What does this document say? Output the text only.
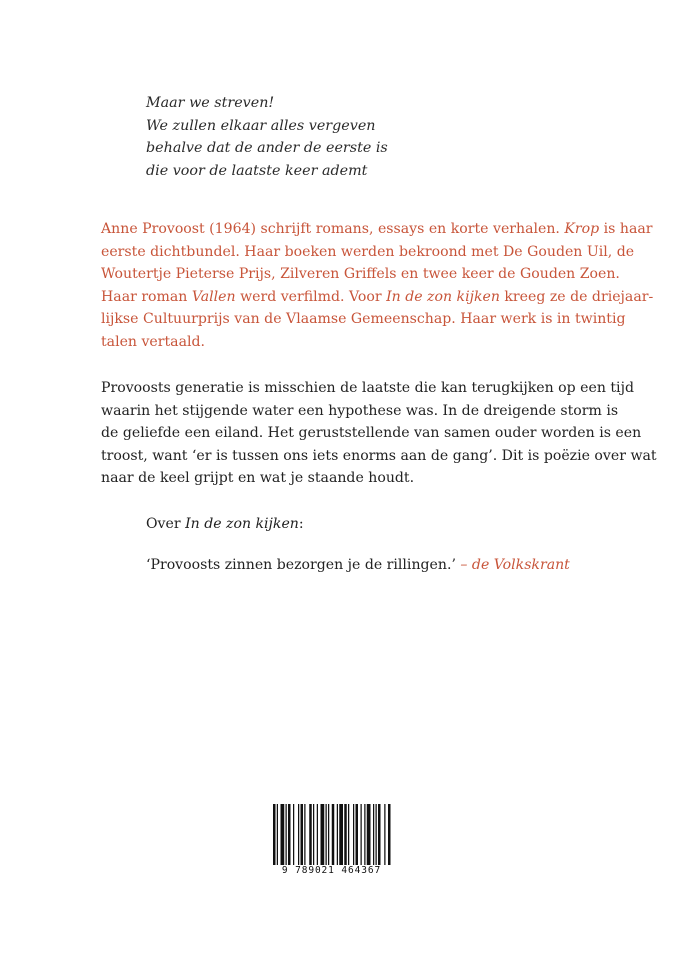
Maar we streven!
We zullen elkaar alles vergeven
behalve dat de ander de eerste is
die voor de laatste keer ademt
Anne Provoost (1964) schrijft romans, essays en korte verhalen. Krop is haar
eerste dichtbundel. Haar boeken werden bekroond met De Gouden Uil, de
Woutertje Pieterse Prijs, Zilveren Griffels en twee keer de Gouden Zoen.
Haar roman Vallen werd verfilmd. Voor In de zon kijken kreeg ze de driejaar-
lijkse Cultuurprijs van de Vlaamse Gemeenschap. Haar werk is in twintig
talen vertaald.
Provoosts generatie is misschien de laatste die kan terugkijken op een tijd
waarin het stijgende water een hypothese was. In de dreigende storm is
de geliefde een eiland. Het geruststellende van samen ouder worden is een
troost, want ‘er is tussen ons iets enorms aan de gang’. Dit is poëzie over wat
naar de keel grijpt en wat je staande houdt.
Over In de zon kijken:
‘Provoosts zinnen bezorgen je de rillingen.’ – de Volkskrant
9 789021 464367
